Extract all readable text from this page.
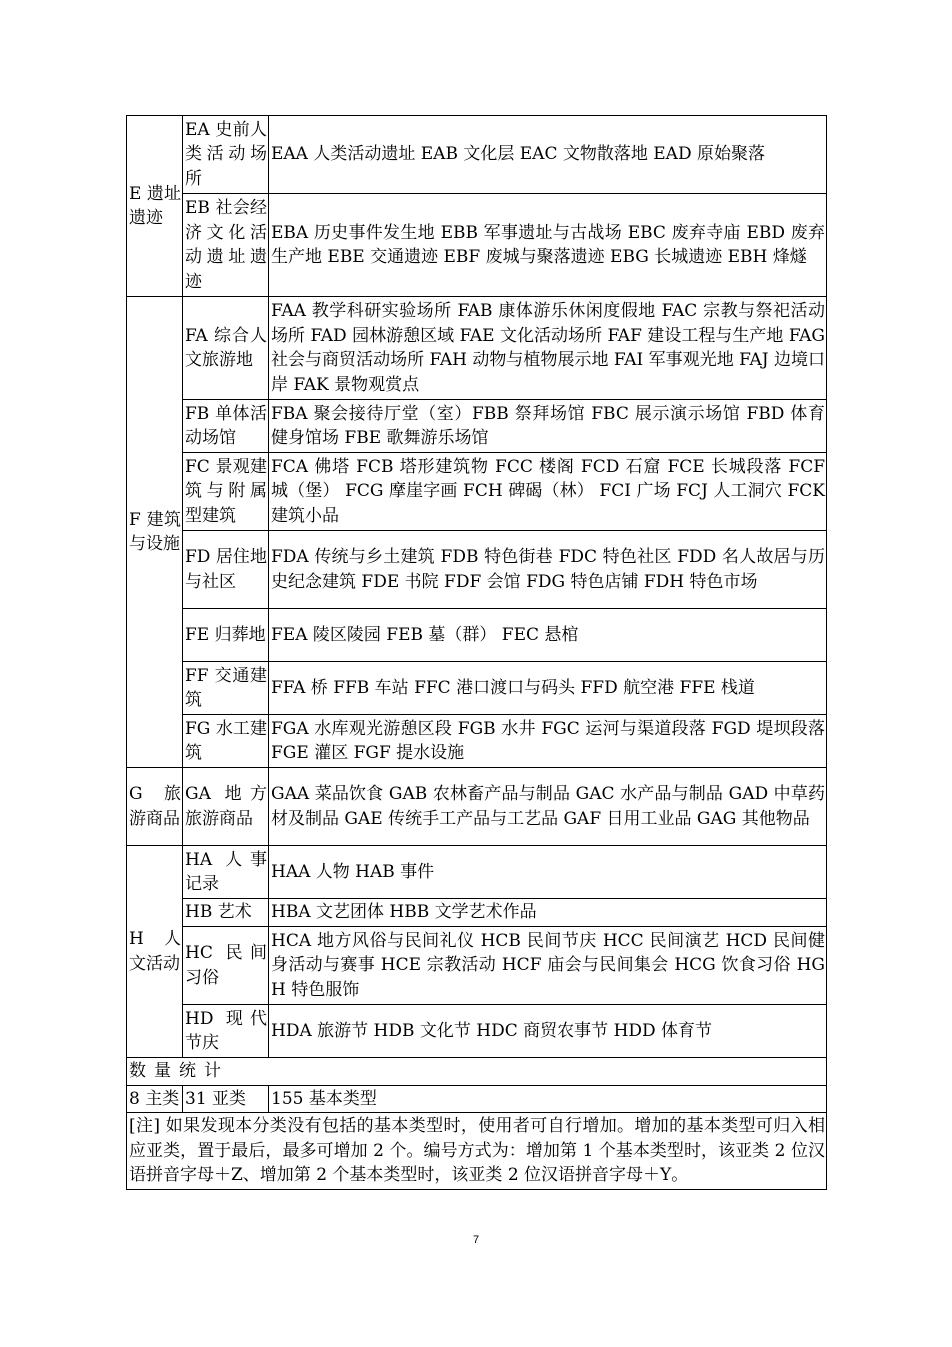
E 遗址遗迹	EA 史前人类活动场所	EAA 人类活动遗址 EAB 文化层 EAC 文物散落地 EAD 原始聚落
	EB 社会经济文化活动遗址遗迹	EBA 历史事件发生地 EBB 军事遗址与古战场 EBC 废弃寺庙 EBD 废弃生产地 EBE 交通遗迹 EBF 废城与聚落遗迹 EBG 长城遗迹 EBH 烽燧
F 建筑与设施	FA 综合人文旅游地	FAA 教学科研实验场所 FAB 康体游乐休闲度假地 FAC 宗教与祭祀活动场所 FAD 园林游憩区域 FAE 文化活动场所 FAF 建设工程与生产地 FAG 社会与商贸活动场所 FAH 动物与植物展示地 FAI 军事观光地 FAJ 边境口岸 FAK 景物观赏点
	FB 单体活动场馆	FBA 聚会接待厅堂（室）FBB 祭拜场馆 FBC 展示演示场馆 FBD 体育健身馆场 FBE 歌舞游乐场馆
	FC 景观建筑与附属型建筑	FCA 佛塔 FCB 塔形建筑物 FCC 楼阁 FCD 石窟 FCE 长城段落 FCF 城（堡） FCG 摩崖字画 FCH 碑碣（林） FCI 广场 FCJ 人工洞穴 FCK 建筑小品
	FD 居住地与社区	FDA 传统与乡土建筑 FDB 特色街巷 FDC 特色社区 FDD 名人故居与历史纪念建筑 FDE 书院 FDF 会馆 FDG 特色店铺 FDH 特色市场
	FE 归葬地	FEA 陵区陵园 FEB 墓（群） FEC 悬棺
	FF 交通建筑	FFA 桥 FFB 车站 FFC 港口渡口与码头 FFD 航空港 FFE 栈道
	FG 水工建筑	FGA 水库观光游憩区段 FGB 水井 FGC 运河与渠道段落 FGD 堤坝段落 FGE 灌区 FGF 提水设施
G 旅游商品	GA 地方旅游商品	GAA 菜品饮食 GAB 农林畜产品与制品 GAC 水产品与制品 GAD 中草药材及制品 GAE 传统手工产品与工艺品 GAF 日用工业品 GAG 其他物品
H 人文活动	HA 人事记录	HAA 人物 HAB 事件
	HB 艺术	HBA 文艺团体 HBB 文学艺术作品
	HC 民间习俗	HCA 地方风俗与民间礼仪 HCB 民间节庆 HCC 民间演艺 HCD 民间健身活动与赛事 HCE 宗教活动 HCF 庙会与民间集会 HCG 饮食习俗 HGH 特色服饰
	HD 现代节庆	HDA 旅游节 HDB 文化节 HDC 商贸农事节 HDD 体育节
数量统计		
8 主类	31 亚类	155 基本类型
[注] 如果发现本分类没有包括的基本类型时，使用者可自行增加。增加的基本类型可归入相应亚类，置于最后，最多可增加 2 个。编号方式为：增加第 1 个基本类型时，该亚类 2 位汉语拼音字母＋Z、增加第 2 个基本类型时，该亚类 2 位汉语拼音字母＋Y。		
7
